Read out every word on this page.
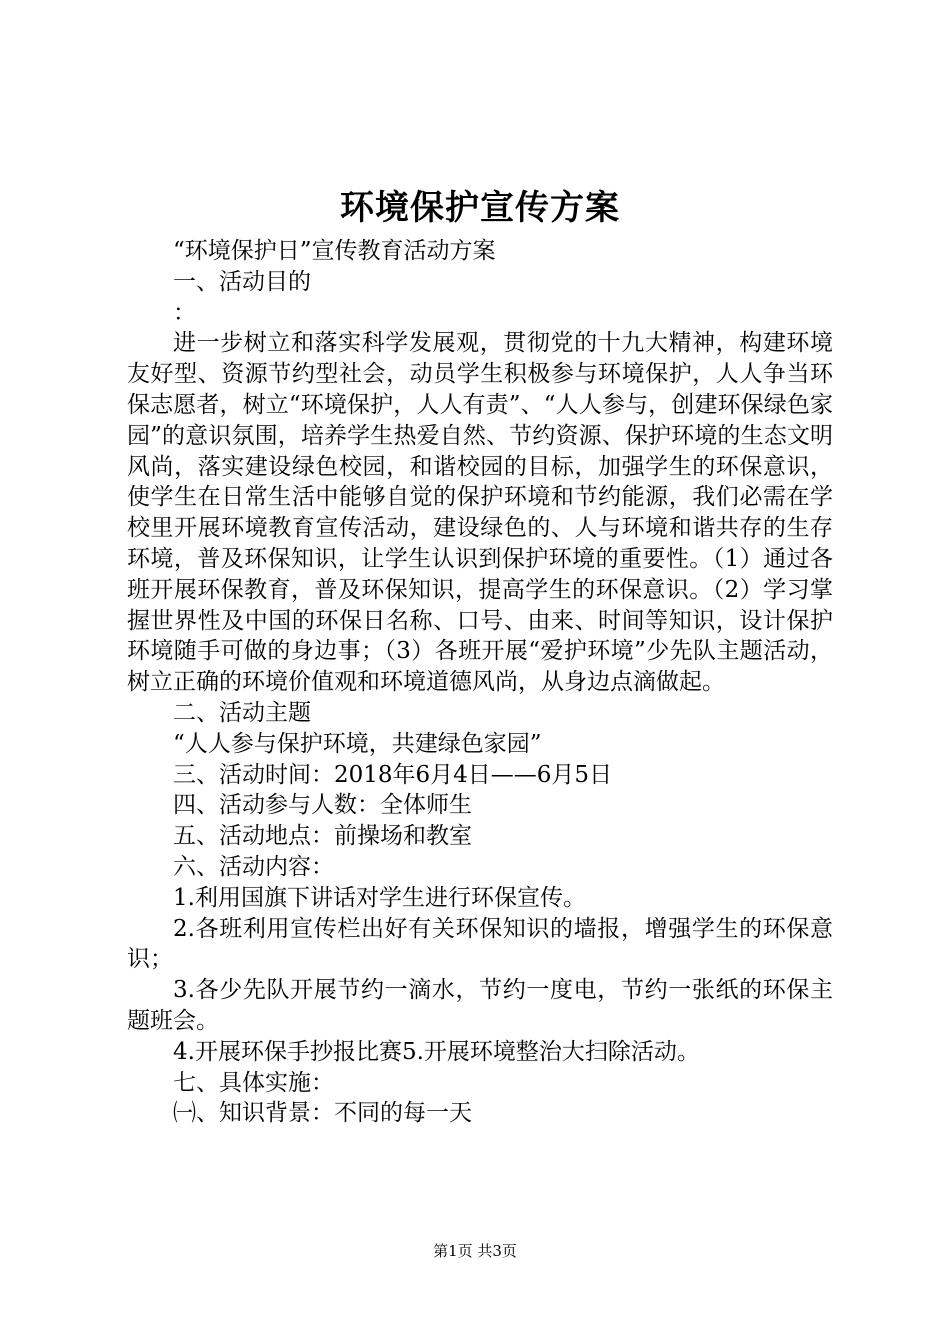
环境保护宣传方案

“环境保护日”宣传教育活动方案

一、活动目的

：

进一步树立和落实科学发展观，贯彻党的十九大精神，构建环境友好型、资源节约型社会，动员学生积极参与环境保护，人人争当环保志愿者，树立“环境保护，人人有责”、“人人参与，创建环保绿色家园”的意识氛围，培养学生热爱自然、节约资源、保护环境的生态文明风尚，落实建设绿色校园，和谐校园的目标，加强学生的环保意识，使学生在日常生活中能够自觉的保护环境和节约能源，我们必需在学校里开展环境教育宣传活动，建设绿色的、人与环境和谐共存的生存环境，普及环保知识，让学生认识到保护环境的重要性。（1）通过各班开展环保教育，普及环保知识，提高学生的环保意识。（2）学习掌握世界性及中国的环保日名称、口号、由来、时间等知识，设计保护环境随手可做的身边事；（3）各班开展“爱护环境”少先队主题活动，树立正确的环境价值观和环境道德风尚，从身边点滴做起。

二、活动主题

“人人参与保护环境，共建绿色家园”

三、活动时间：2018年6月4日——6月5日

四、活动参与人数：全体师生

五、活动地点：前操场和教室

六、活动内容：

1.利用国旗下讲话对学生进行环保宣传。

2.各班利用宣传栏出好有关环保知识的墙报，增强学生的环保意识；

3.各少先队开展节约一滴水，节约一度电，节约一张纸的环保主题班会。

4.开展环保手抄报比赛5.开展环境整治大扫除活动。

七、具体实施：

㈠、知识背景：不同的每一天

第1页 共3页
